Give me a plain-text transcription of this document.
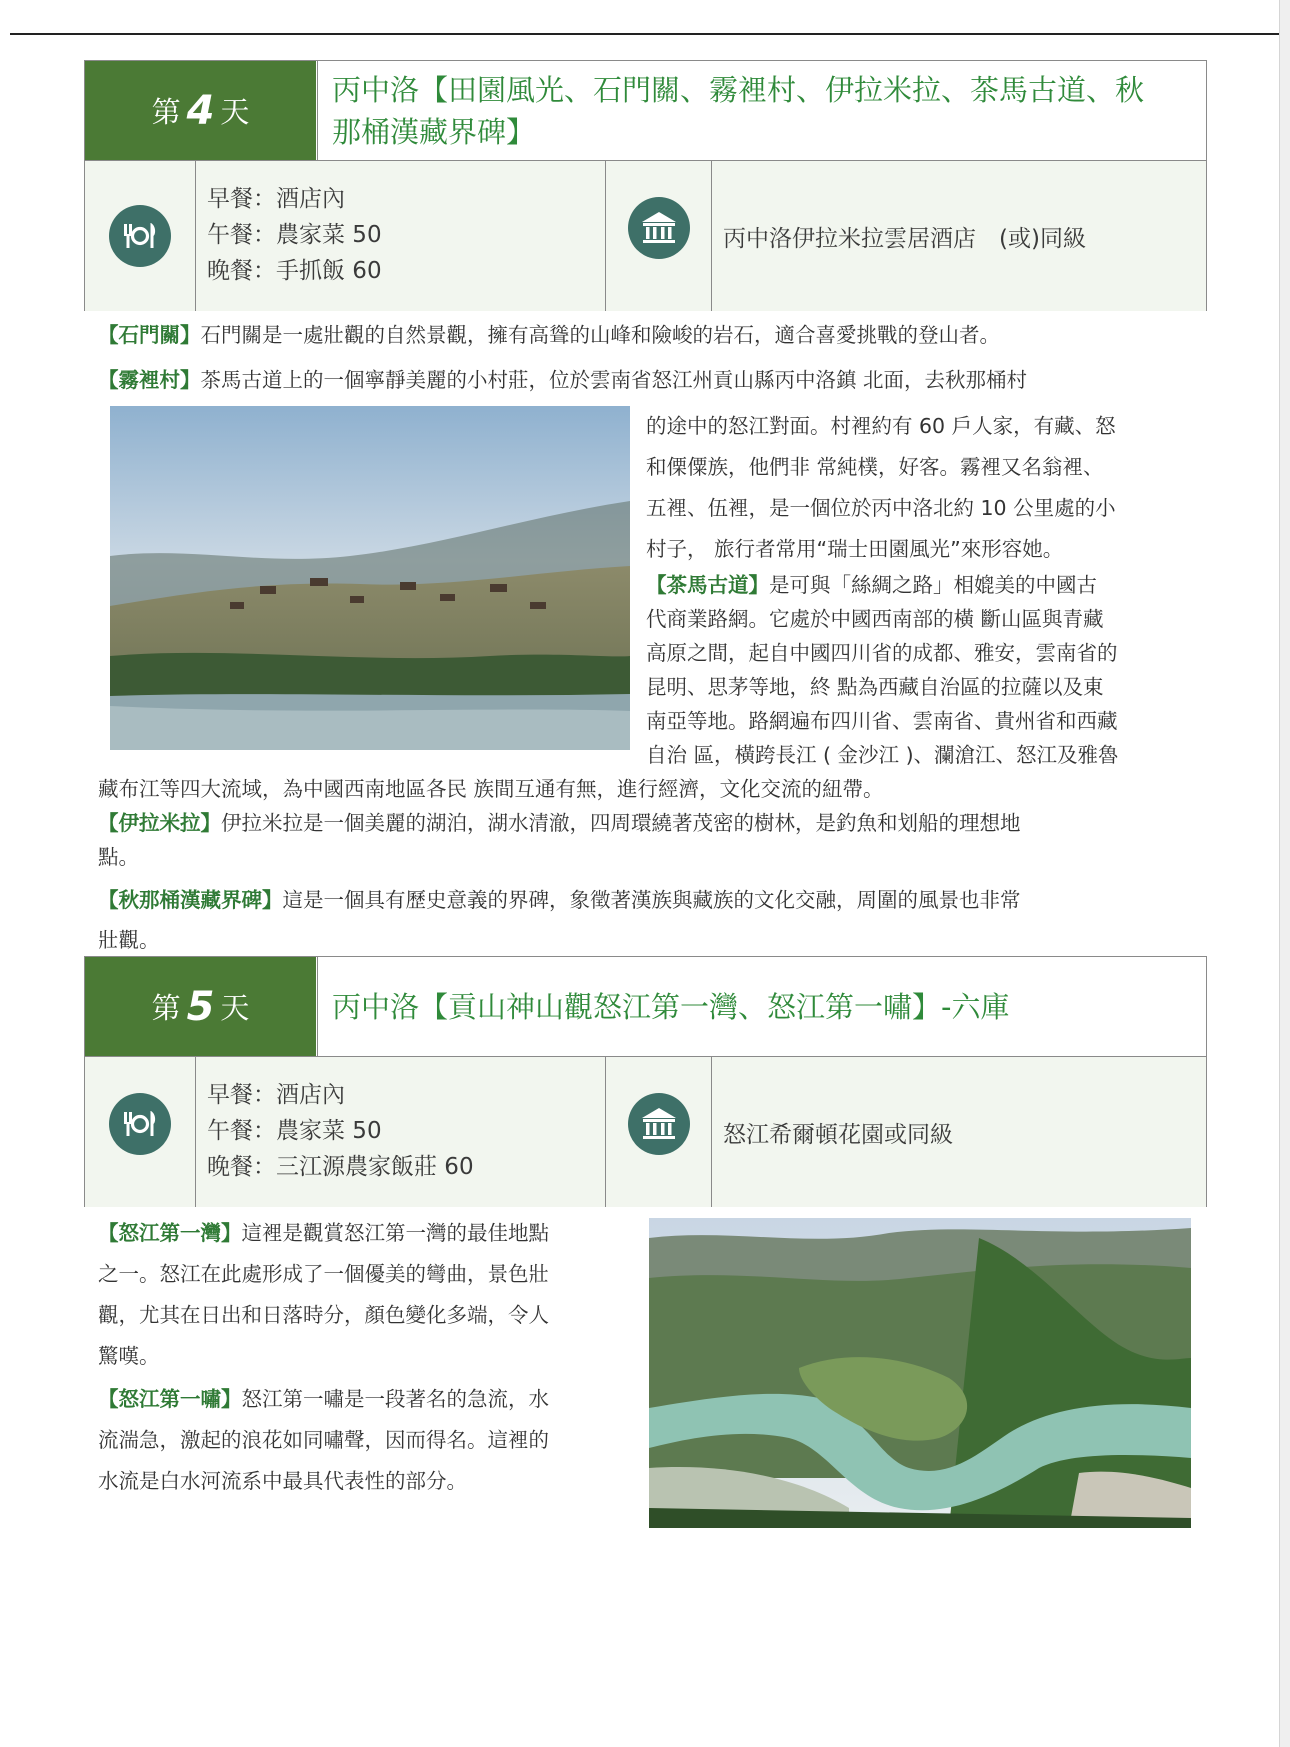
第 4 天
丙中洛【田園風光、石門關、霧裡村、伊拉米拉、茶馬古道、秋
那桶漢藏界碑】
早餐：酒店內
午餐：農家菜 50
晚餐：手抓飯 60
丙中洛伊拉米拉雲居酒店　(或)同級
【石門關】石門關是一處壯觀的自然景觀，擁有高聳的山峰和險峻的岩石，適合喜愛挑戰的登山者。
【霧裡村】茶馬古道上的一個寧靜美麗的小村莊，位於雲南省怒江州貢山縣丙中洛鎮 北面，去秋那桶村
的途中的怒江對面。村裡約有 60 戶人家，有藏、怒
和傈僳族，他們非 常純樸，好客。霧裡又名翁裡、
五裡、伍裡，是一個位於丙中洛北約 10 公里處的小
村子， 旅行者常用“瑞士田園風光”來形容她。
【茶馬古道】是可與「絲綢之路」相媲美的中國古
代商業路網。它處於中國西南部的橫 斷山區與青藏
高原之間，起自中國四川省的成都、雅安，雲南省的
昆明、思茅等地，終 點為西藏自治區的拉薩以及東
南亞等地。路網遍布四川省、雲南省、貴州省和西藏
自治 區，橫跨長江 ( 金沙江 )、瀾滄江、怒江及雅魯
藏布江等四大流域，為中國西南地區各民 族間互通有無，進行經濟，文化交流的紐帶。
【伊拉米拉】伊拉米拉是一個美麗的湖泊，湖水清澈，四周環繞著茂密的樹林，是釣魚和划船的理想地
點。
【秋那桶漢藏界碑】這是一個具有歷史意義的界碑，象徵著漢族與藏族的文化交融，周圍的風景也非常
壯觀。
第 5 天	丙中洛【貢山神山觀怒江第一灣、怒江第一嘯】-六庫
早餐：酒店內
午餐：農家菜 50
晚餐：三江源農家飯莊 60
怒江希爾頓花園或同級
【怒江第一灣】這裡是觀賞怒江第一灣的最佳地點
之一。怒江在此處形成了一個優美的彎曲，景色壯
觀，尤其在日出和日落時分，顏色變化多端，令人
驚嘆。
【怒江第一嘯】怒江第一嘯是一段著名的急流，水
流湍急，激起的浪花如同嘯聲，因而得名。這裡的
水流是白水河流系中最具代表性的部分。
